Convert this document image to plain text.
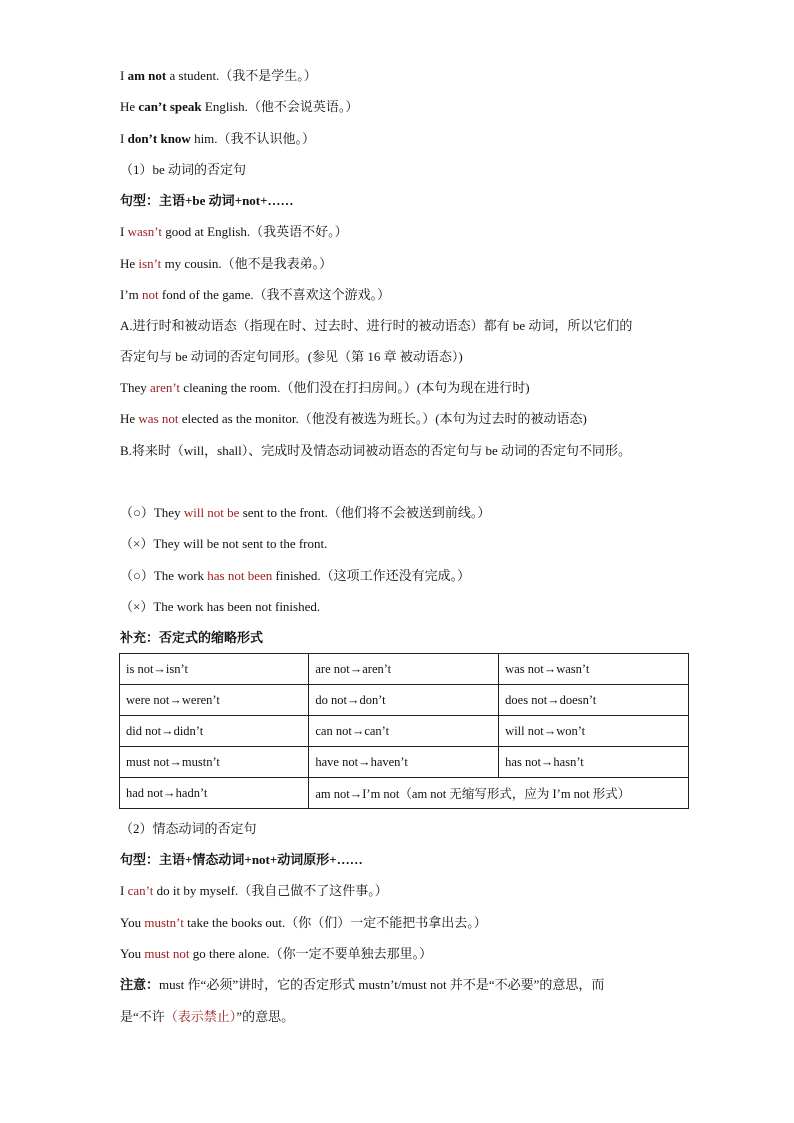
I am not a student.（我不是学生。）
He can’t speak English.（他不会说英语。）
I don’t know him.（我不认识他。）
（1）be 动词的否定句
句型：主语+be 动词+not+……
I wasn’t good at English.（我英语不好。）
He isn’t my cousin.（他不是我表弟。）
I’m not fond of the game.（我不喜欢这个游戏。）
A.进行时和被动语态（指现在时、过去时、进行时的被动语态）都有 be 动词，所以它们的
否定句与 be 动词的否定句同形。(参见（第 16 章 被动语态）)
They aren’t cleaning the room.（他们没在打扫房间。）(本句为现在进行时)
He was not elected as the monitor.（他没有被选为班长。）(本句为过去时的被动语态)
B.将来时（will，shall）、完成时及情态动词被动语态的否定句与 be 动词的否定句不同形。
（○）They will not be sent to the front.（他们将不会被送到前线。）
（×）They will be not sent to the front.
（○）The work has not been finished.（这项工作还没有完成。）
（×）The work has been not finished.
补充：否定式的缩略形式
is not→isn’t	are not→aren’t	was not→wasn’t
were not→weren’t	do not→don’t	does not→doesn’t
did not→didn’t	can not→can’t	will not→won’t
must not→mustn’t	have not→haven’t	has not→hasn’t
had not→hadn’t	am not→I’m not（am not 无缩写形式，应为 I’m not 形式）	
（2）情态动词的否定句
句型：主语+情态动词+not+动词原形+……
I can’t do it by myself.（我自己做不了这件事。）
You mustn’t take the books out.（你（们）一定不能把书拿出去。）
You must not go there alone.（你一定不要单独去那里。）
注意：must 作“必须”讲时，它的否定形式 mustn’t/must not 并不是“不必要”的意思，而
是“不许（表示禁止）”的意思。
